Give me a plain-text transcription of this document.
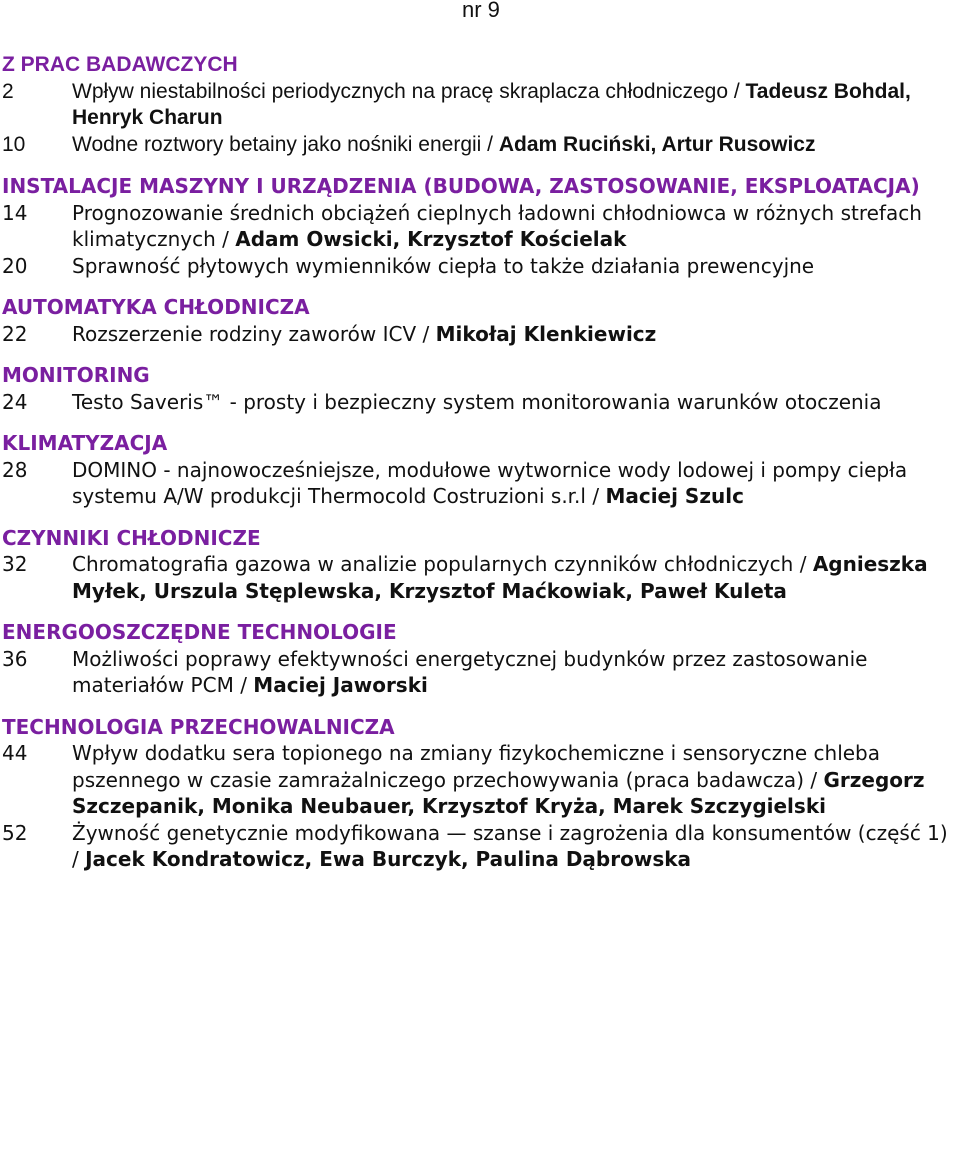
nr 9

Z PRAC BADAWCZYCH

2	Wpływ niestabilności periodycznych na pracę skraplacza chłodniczego / Tadeusz Bohdal, Henryk Charun
10	Wodne roztwory betainy jako nośniki energii / Adam Ruciński, Artur Rusowicz

INSTALACJE MASZYNY I URZĄDZENIA (BUDOWA, ZASTOSOWANIE, EKSPLOATACJA)

14	Prognozowanie średnich obciążeń cieplnych ładowni chłodniowca w różnych strefach klimatycznych / Adam Owsicki, Krzysztof Kościelak
20	Sprawność płytowych wymienników ciepła to także działania prewencyjne

AUTOMATYKA CHŁODNICZA

22	Rozszerzenie rodziny zaworów ICV / Mikołaj Klenkiewicz

MONITORING

24	Testo Saveris™ - prosty i bezpieczny system monitorowania warunków otoczenia

KLIMATYZACJA

28	DOMINO - najnowocześniejsze, modułowe wytwornice wody lodowej i pompy ciepła systemu A/W produkcji Thermocold Costruzioni s.r.l / Maciej Szulc

CZYNNIKI CHŁODNICZE

32	Chromatografia gazowa w analizie popularnych czynników chłodniczych / Agnieszka Myłek, Urszula Stęplewska, Krzysztof Maćkowiak, Paweł Kuleta

ENERGOOSZCZĘDNE TECHNOLOGIE

36	Możliwości poprawy efektywności energetycznej budynków przez zastosowanie materiałów PCM / Maciej Jaworski

TECHNOLOGIA PRZECHOWALNICZA

44	Wpływ dodatku sera topionego na zmiany fizykochemiczne i sensoryczne chleba pszennego w czasie zamrażalniczego przechowywania (praca badawcza) / Grzegorz Szczepanik, Monika Neubauer, Krzysztof Kryża, Marek Szczygielski
52	Żywność genetycznie modyfikowana — szanse i zagrożenia dla konsumentów (część 1) / Jacek Kondratowicz, Ewa Burczyk, Paulina Dąbrowska
